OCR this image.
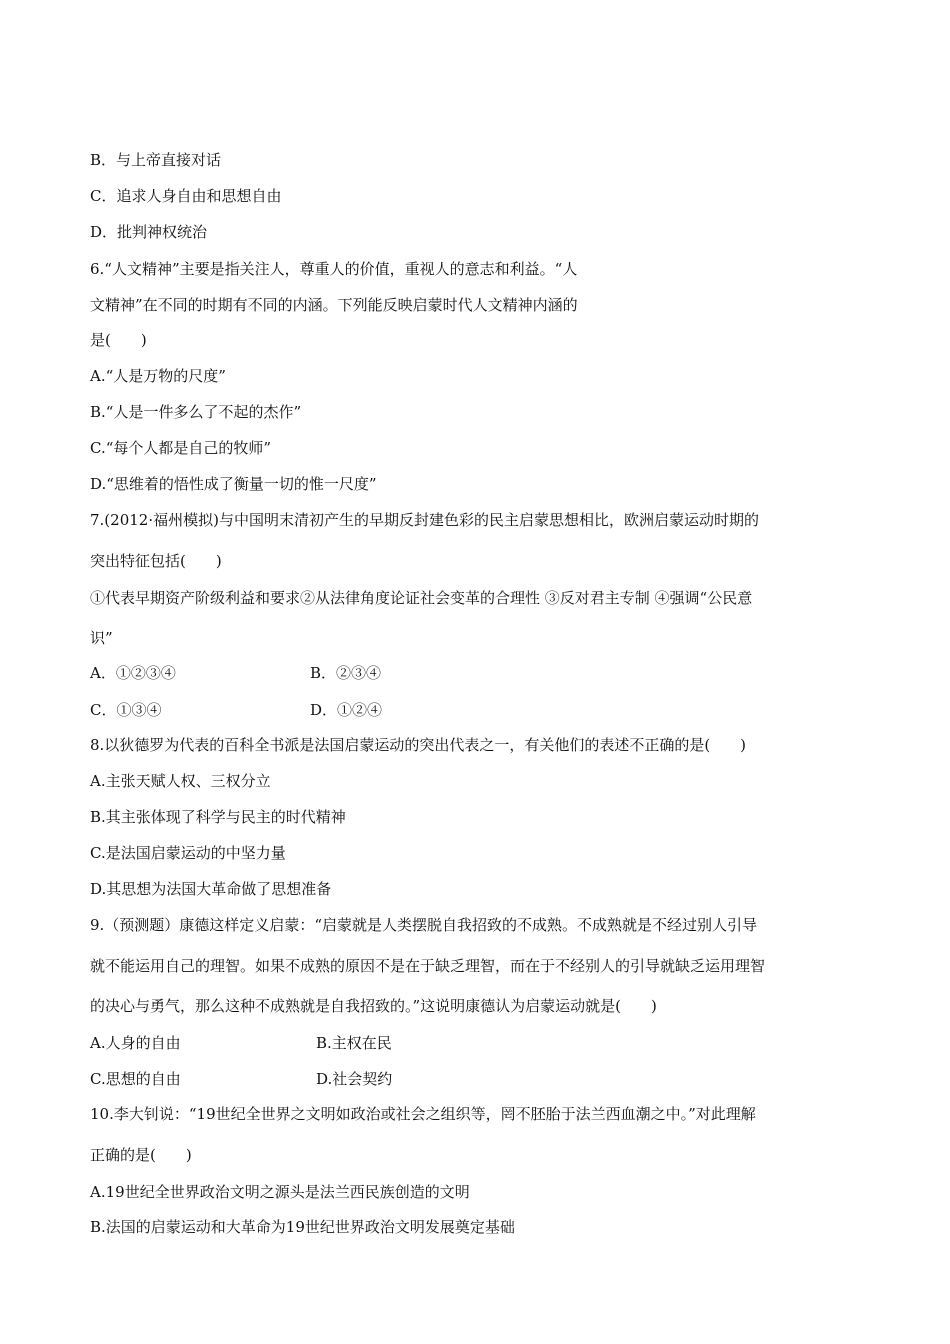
B．与上帝直接对话
C．追求人身自由和思想自由
D．批判神权统治
6.“人文精神”主要是指关注人，尊重人的价值，重视人的意志和利益。“人
文精神”在不同的时期有不同的内涵。下列能反映启蒙时代人文精神内涵的
是(　　)
A.“人是万物的尺度”
B.“人是一件多么了不起的杰作”
C.“每个人都是自己的牧师”
D.“思维着的悟性成了衡量一切的惟一尺度”
7.(2012·福州模拟)与中国明末清初产生的早期反封建色彩的民主启蒙思想相比，欧洲启蒙运动时期的
突出特征包括(　　)
①代表早期资产阶级利益和要求②从法律角度论证社会变革的合理性 ③反对君主专制 ④强调“公民意
识”
A．①②③④	B．②③④
C．①③④	D．①②④
8.以狄德罗为代表的百科全书派是法国启蒙运动的突出代表之一，有关他们的表述不正确的是(　　)
A.主张天赋人权、三权分立
B.其主张体现了科学与民主的时代精神
C.是法国启蒙运动的中坚力量
D.其思想为法国大革命做了思想准备
9.（预测题）康德这样定义启蒙：“启蒙就是人类摆脱自我招致的不成熟。不成熟就是不经过别人引导
就不能运用自己的理智。如果不成熟的原因不是在于缺乏理智，而在于不经别人的引导就缺乏运用理智
的决心与勇气，那么这种不成熟就是自我招致的。”这说明康德认为启蒙运动就是(　　)
A.人身的自由	B.主权在民
C.思想的自由	D.社会契约
10.李大钊说：“19世纪全世界之文明如政治或社会之组织等，罔不胚胎于法兰西血潮之中。”对此理解
正确的是(　　)
A.19世纪全世界政治文明之源头是法兰西民族创造的文明
B.法国的启蒙运动和大革命为19世纪世界政治文明发展奠定基础
